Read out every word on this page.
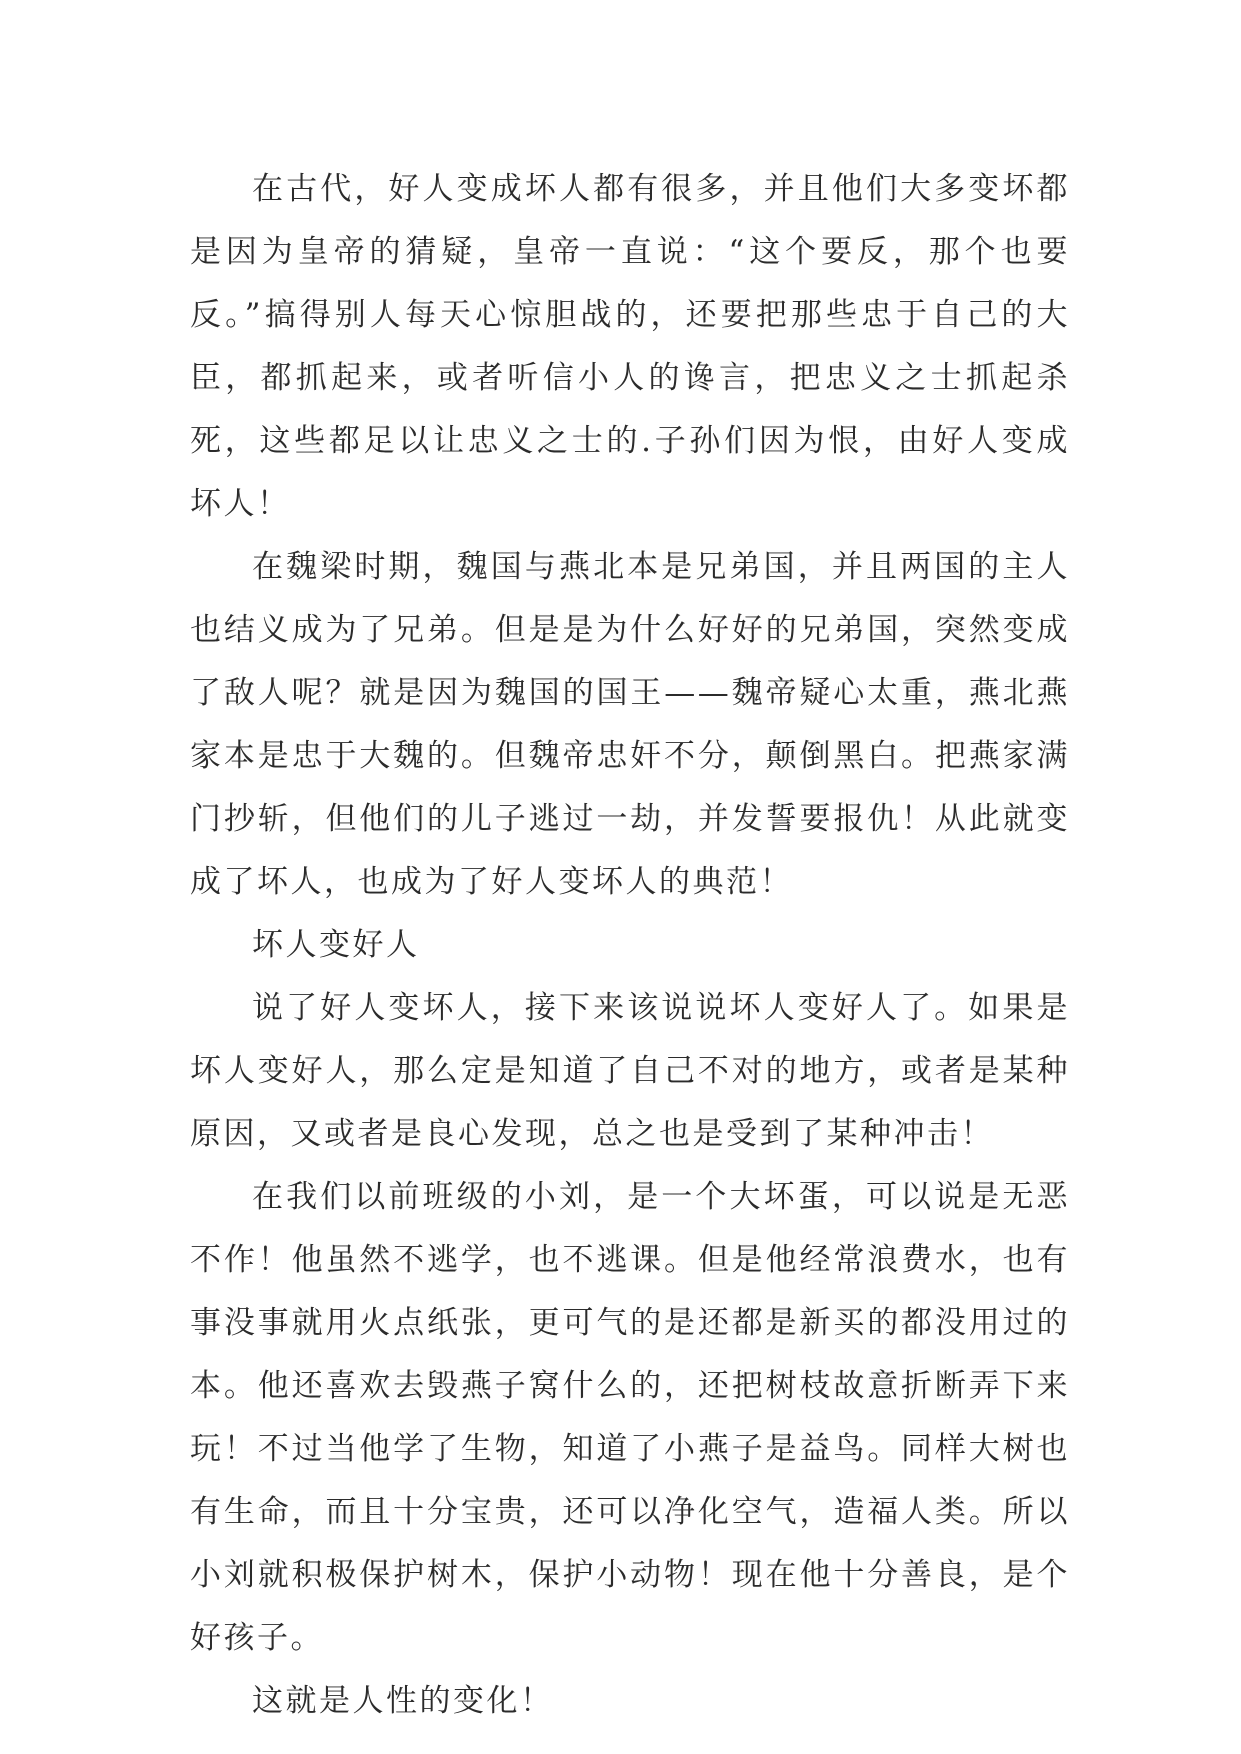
在古代，好人变成坏人都有很多，并且他们大多变坏都是因为皇帝的猜疑，皇帝一直说：“这个要反，那个也要反。”搞得别人每天心惊胆战的，还要把那些忠于自己的大臣，都抓起来，或者听信小人的谗言，把忠义之士抓起杀死，这些都足以让忠义之士的.子孙们因为恨，由好人变成坏人！

在魏梁时期，魏国与燕北本是兄弟国，并且两国的主人也结义成为了兄弟。但是是为什么好好的兄弟国，突然变成了敌人呢？就是因为魏国的国王——魏帝疑心太重，燕北燕家本是忠于大魏的。但魏帝忠奸不分，颠倒黑白。把燕家满门抄斩，但他们的儿子逃过一劫，并发誓要报仇！从此就变成了坏人，也成为了好人变坏人的典范！

坏人变好人

说了好人变坏人，接下来该说说坏人变好人了。如果是坏人变好人，那么定是知道了自己不对的地方，或者是某种原因，又或者是良心发现，总之也是受到了某种冲击！

在我们以前班级的小刘，是一个大坏蛋，可以说是无恶不作！他虽然不逃学，也不逃课。但是他经常浪费水，也有事没事就用火点纸张，更可气的是还都是新买的都没用过的本。他还喜欢去毁燕子窝什么的，还把树枝故意折断弄下来玩！不过当他学了生物，知道了小燕子是益鸟。同样大树也有生命，而且十分宝贵，还可以净化空气，造福人类。所以小刘就积极保护树木，保护小动物！现在他十分善良，是个好孩子。

这就是人性的变化！
